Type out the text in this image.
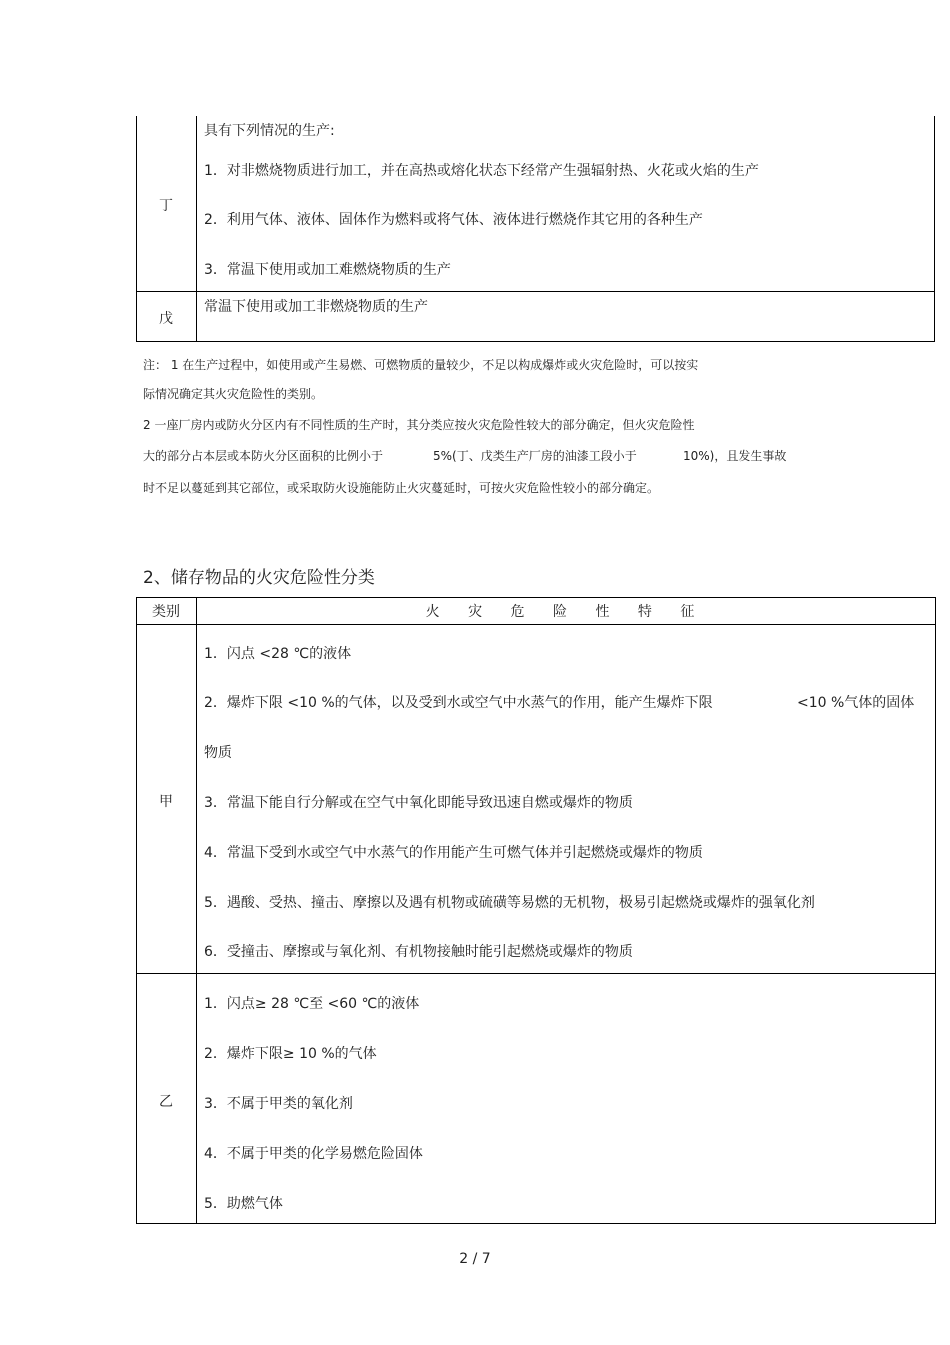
丁
具有下列情况的生产:
1．对非燃烧物质进行加工，并在高热或熔化状态下经常产生强辐射热、火花或火焰的生产
2．利用气体、液体、固体作为燃料或将气体、液体进行燃烧作其它用的各种生产
3．常温下使用或加工难燃烧物质的生产
戊
常温下使用或加工非燃烧物质的生产
注： 1 在生产过程中，如使用或产生易燃、可燃物质的量较少，不足以构成爆炸或火灾危险时，可以按实
际情况确定其火灾危险性的类别。
2 一座厂房内或防火分区内有不同性质的生产时，其分类应按火灾危险性较大的部分确定，但火灾危险性
大的部分占本层或本防火分区面积的比例小于	5%(丁、戊类生产厂房的油漆工段小于	10%)，且发生事故
时不足以蔓延到其它部位，或采取防火设施能防止火灾蔓延时，可按火灾危险性较小的部分确定。
2、储存物品的火灾危险性分类
类别	火 灾 危 险 性 特 征
甲
1．闪点 <28 ℃的液体
2．爆炸下限 <10 %的气体，以及受到水或空气中水蒸气的作用，能产生爆炸下限	<10 %气体的固体
物质
3．常温下能自行分解或在空气中氧化即能导致迅速自燃或爆炸的物质
4．常温下受到水或空气中水蒸气的作用能产生可燃气体并引起燃烧或爆炸的物质
5．遇酸、受热、撞击、摩擦以及遇有机物或硫磺等易燃的无机物，极易引起燃烧或爆炸的强氧化剂
6．受撞击、摩擦或与氧化剂、有机物接触时能引起燃烧或爆炸的物质
乙
1．闪点≥ 28 ℃至 <60 ℃的液体
2．爆炸下限≥ 10 %的气体
3．不属于甲类的氧化剂
4．不属于甲类的化学易燃危险固体
5．助燃气体
2 / 7
